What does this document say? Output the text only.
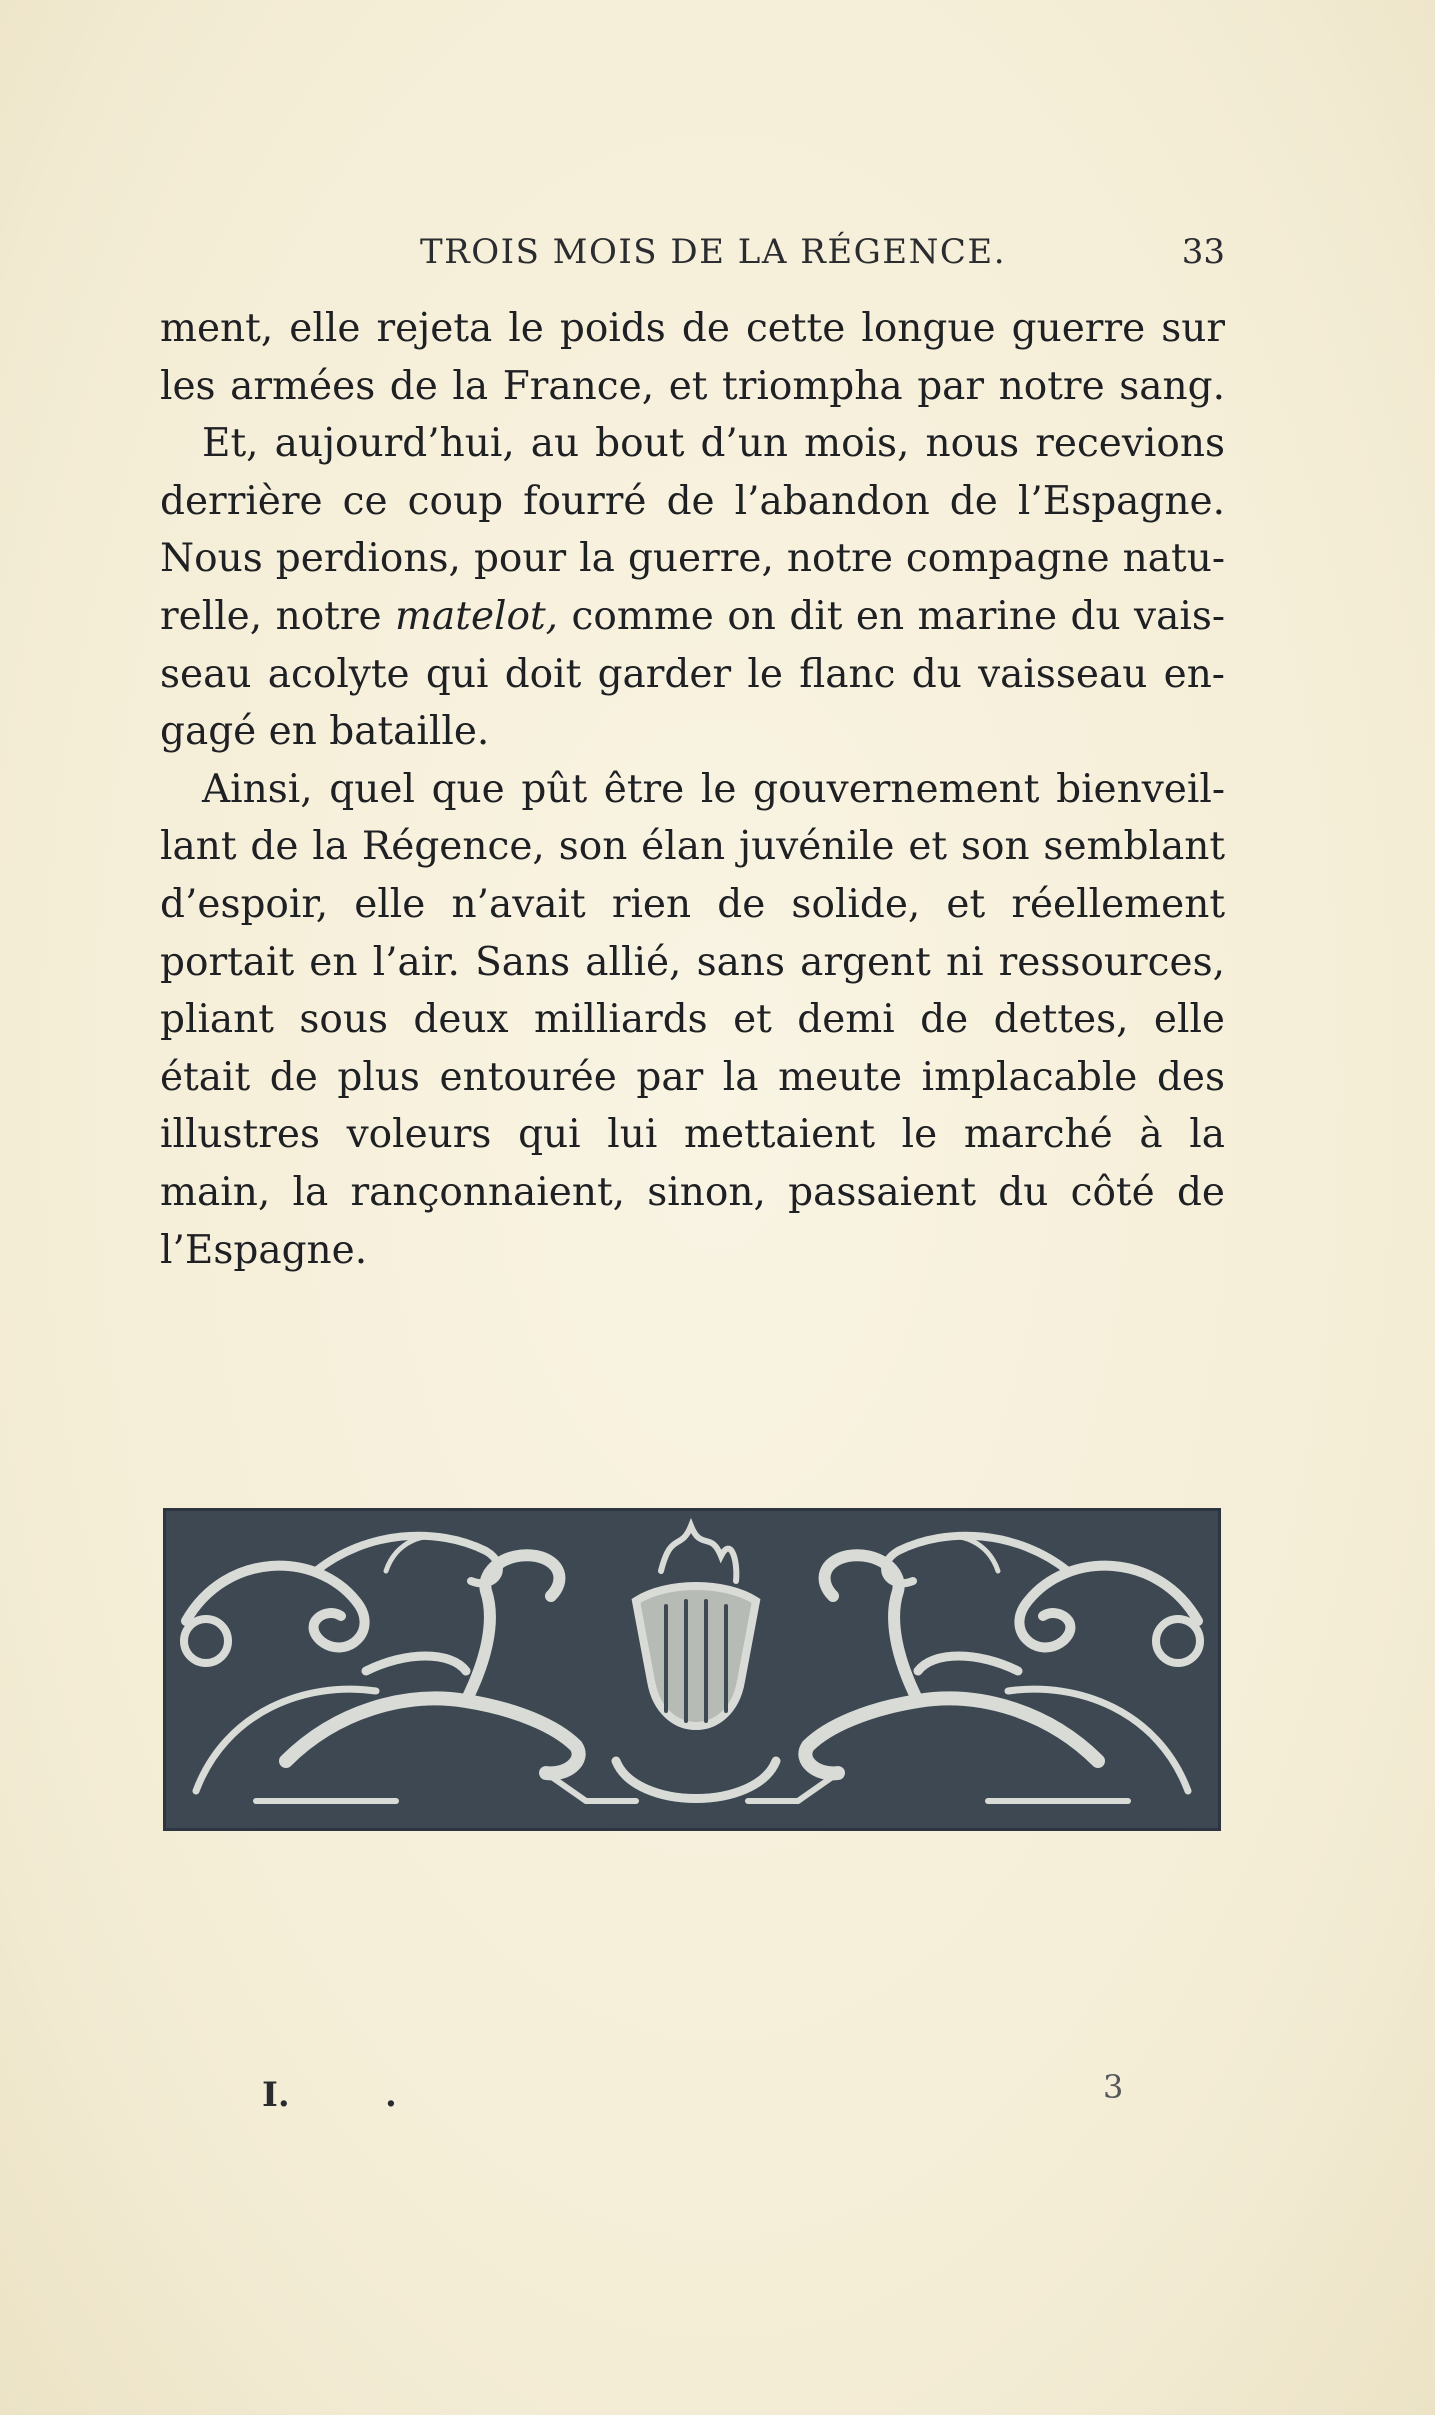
TROIS MOIS DE LA RÉGENCE.	33
ment, elle rejeta le poids de cette longue guerre sur
les armées de la France, et triompha par notre sang.
Et, aujourd’hui, au bout d’un mois, nous recevions
derrière ce coup fourré de l’abandon de l’Espagne.
Nous perdions, pour la guerre, notre compagne natu-
relle, notre matelot, comme on dit en marine du vais-
seau acolyte qui doit garder le flanc du vaisseau en-
gagé en bataille.
Ainsi, quel que pût être le gouvernement bienveil-
lant de la Régence, son élan juvénile et son semblant
d’espoir, elle n’avait rien de solide, et réellement
portait en l’air. Sans allié, sans argent ni ressources,
pliant sous deux milliards et demi de dettes, elle
était de plus entourée par la meute implacable des
illustres voleurs qui lui mettaient le marché à la
main, la rançonnaient, sinon, passaient du côté de
l’Espagne.
I.	.	3
